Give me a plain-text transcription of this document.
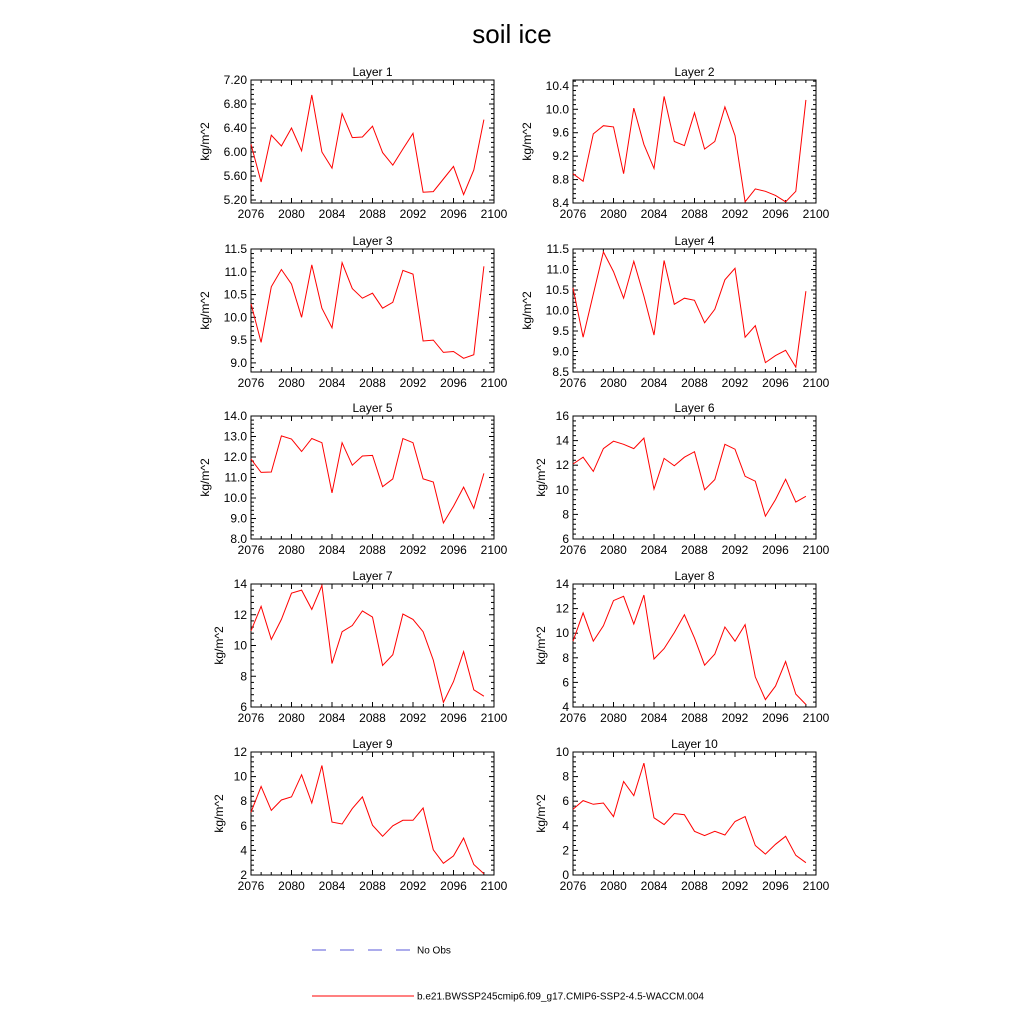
soil ice
Layer 1
2076 2080 2084 2088 2092 2096 2100
5.20
5.60
6.00
6.40
6.80
7.20
kg/m^2
Layer 2
2076 2080 2084 2088 2092 2096 2100
8.4
8.8
9.2
9.6
10.0
10.4
kg/m^2
Layer 3
2076 2080 2084 2088 2092 2096 2100
9.0
9.5
10.0
10.5
11.0
11.5
kg/m^2
Layer 4
2076 2080 2084 2088 2092 2096 2100
8.5
9.0
9.5
10.0
10.5
11.0
11.5
kg/m^2
Layer 5
2076 2080 2084 2088 2092 2096 2100
8.0
9.0
10.0
11.0
12.0
13.0
14.0
kg/m^2
Layer 6
2076 2080 2084 2088 2092 2096 2100
6
8
10
12
14
16
kg/m^2
Layer 7
2076 2080 2084 2088 2092 2096 2100
6
8
10
12
14
kg/m^2
Layer 8
2076 2080 2084 2088 2092 2096 2100
4
6
8
10
12
14
kg/m^2
Layer 9
2076 2080 2084 2088 2092 2096 2100
2
4
6
8
10
12
kg/m^2
Layer 10
2076 2080 2084 2088 2092 2096 2100
0
2
4
6
8
10
kg/m^2
No Obs
b.e21.BWSSP245cmip6.f09_g17.CMIP6-SSP2-4.5-WACCM.004
